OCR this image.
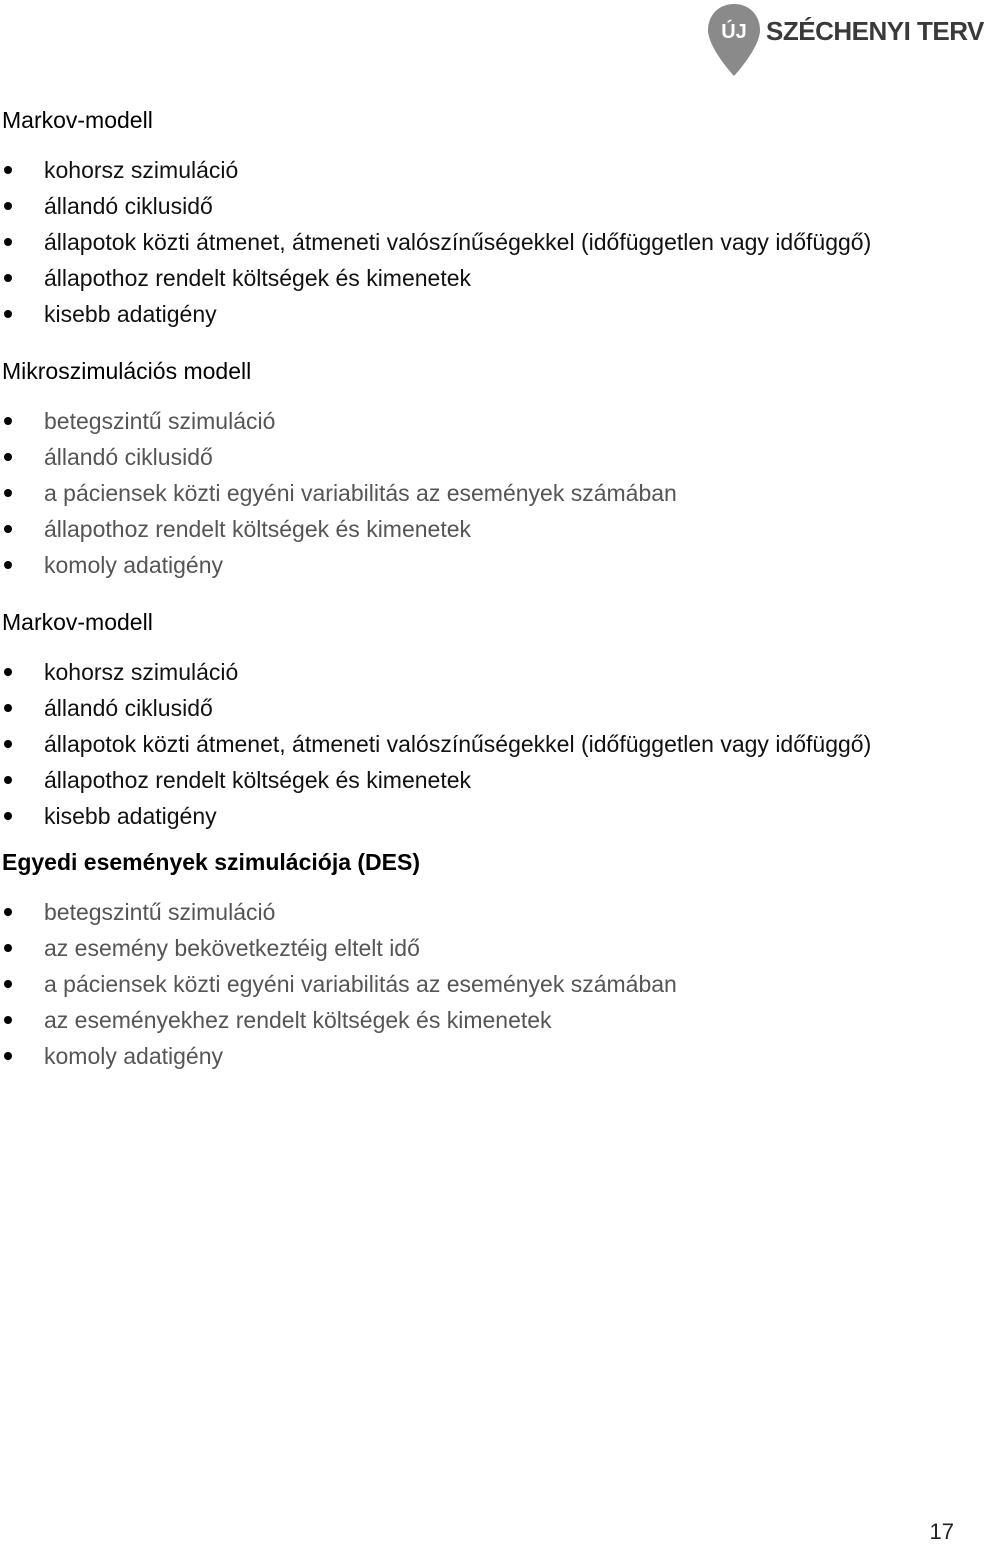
ÚJ SZÉCHENYI TERV
Markov-modell
kohorsz szimuláció
állandó ciklusidő
állapotok közti átmenet, átmeneti valószínűségekkel (időfüggetlen vagy időfüggő)
állapothoz rendelt költségek és kimenetek
kisebb adatigény
Mikroszimulációs modell
betegszintű szimuláció
állandó ciklusidő
a páciensek közti egyéni variabilitás az események számában
állapothoz rendelt költségek és kimenetek
komoly adatigény
Markov-modell
kohorsz szimuláció
állandó ciklusidő
állapotok közti átmenet, átmeneti valószínűségekkel (időfüggetlen vagy időfüggő)
állapothoz rendelt költségek és kimenetek
kisebb adatigény
Egyedi események szimulációja (DES)
betegszintű szimuláció
az esemény bekövetkeztéig eltelt idő
a páciensek közti egyéni variabilitás az események számában
az eseményekhez rendelt költségek és kimenetek
komoly adatigény
17
